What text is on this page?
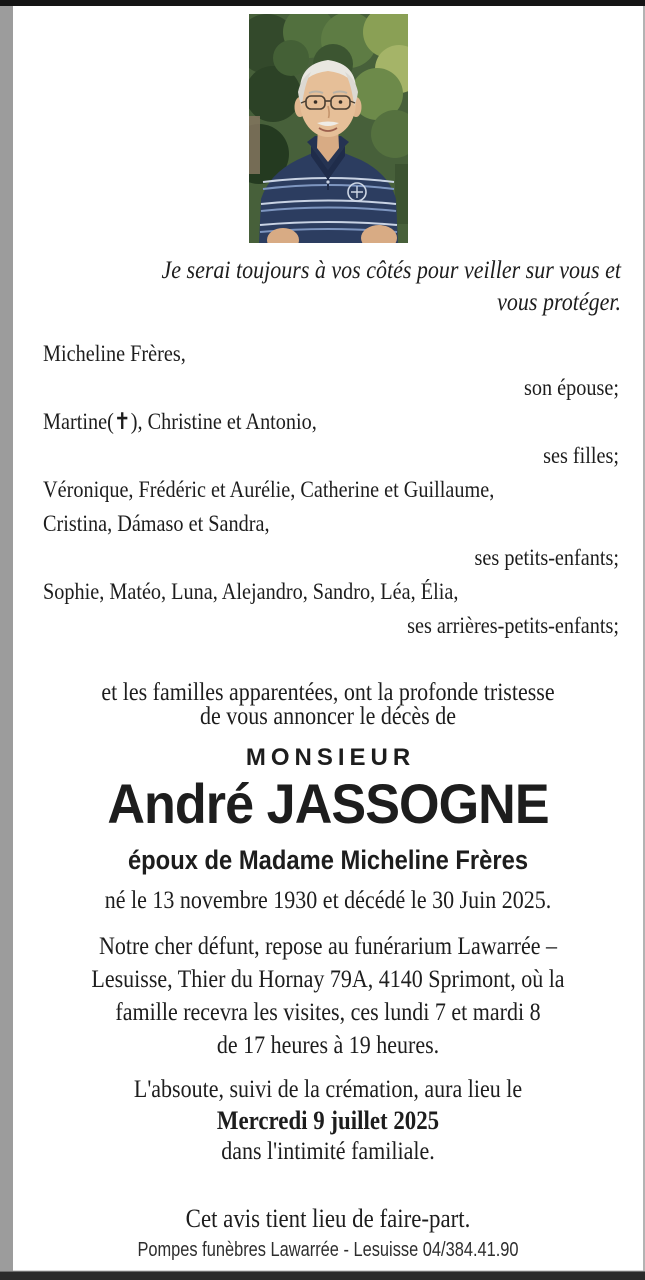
Je serai toujours à vos côtés pour veiller sur vous et
vous protéger.
Micheline Frères,
son épouse;
Martine(✝), Christine et Antonio,
ses filles;
Véronique, Frédéric et Aurélie, Catherine et Guillaume,
Cristina, Dámaso et Sandra,
ses petits-enfants;
Sophie, Matéo, Luna, Alejandro, Sandro, Léa, Élia,
ses arrières-petits-enfants;
et les familles apparentées, ont la profonde tristesse
de vous annoncer le décès de
MONSIEUR
André JASSOGNE
époux de Madame Micheline Frères
né le 13 novembre 1930 et décédé le 30 Juin 2025.
Notre cher défunt, repose au funérarium Lawarrée –
Lesuisse, Thier du Hornay 79A, 4140 Sprimont, où la
famille recevra les visites, ces lundi 7 et mardi 8
de 17 heures à 19 heures.
L'absoute, suivi de la crémation, aura lieu le
Mercredi 9 juillet 2025
dans l'intimité familiale.
Cet avis tient lieu de faire-part.
Pompes funèbres Lawarrée - Lesuisse 04/384.41.90
